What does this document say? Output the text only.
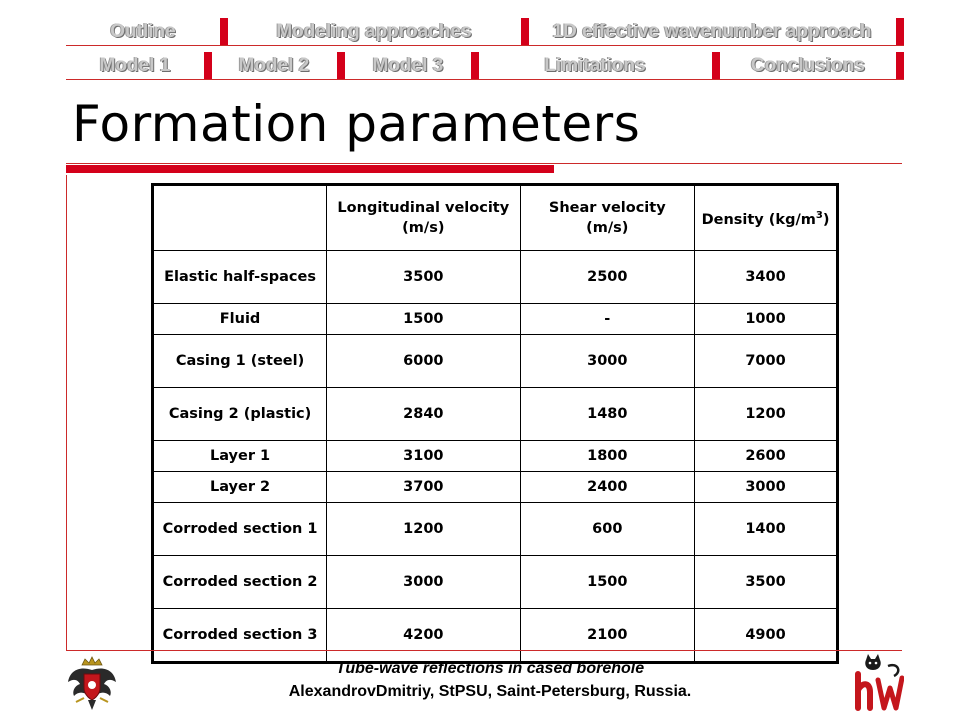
Outline	Modeling approaches	1D effective wavenumber approach
Model 1	Model 2	Model 3	Limitations	Conclusions
Formation parameters
	Longitudinal velocity (m/s)	Shear velocity (m/s)	Density $(kg/m^3)$
Elastic half-spaces	3500	2500	3400
Fluid	1500	-	1000
Casing 1 (steel)	6000	3000	7000
Casing 2 (plastic)	2840	1480	1200
Layer 1	3100	1800	2600
Layer 2	3700	2400	3000
Corroded section 1	1200	600	1400
Corroded section 2	3000	1500	3500
Corroded section 3	4200	2100	4900
Tube-wave reflections in cased borehole
AlexandrovDmitriy, StPSU, Saint-Petersburg, Russia.
